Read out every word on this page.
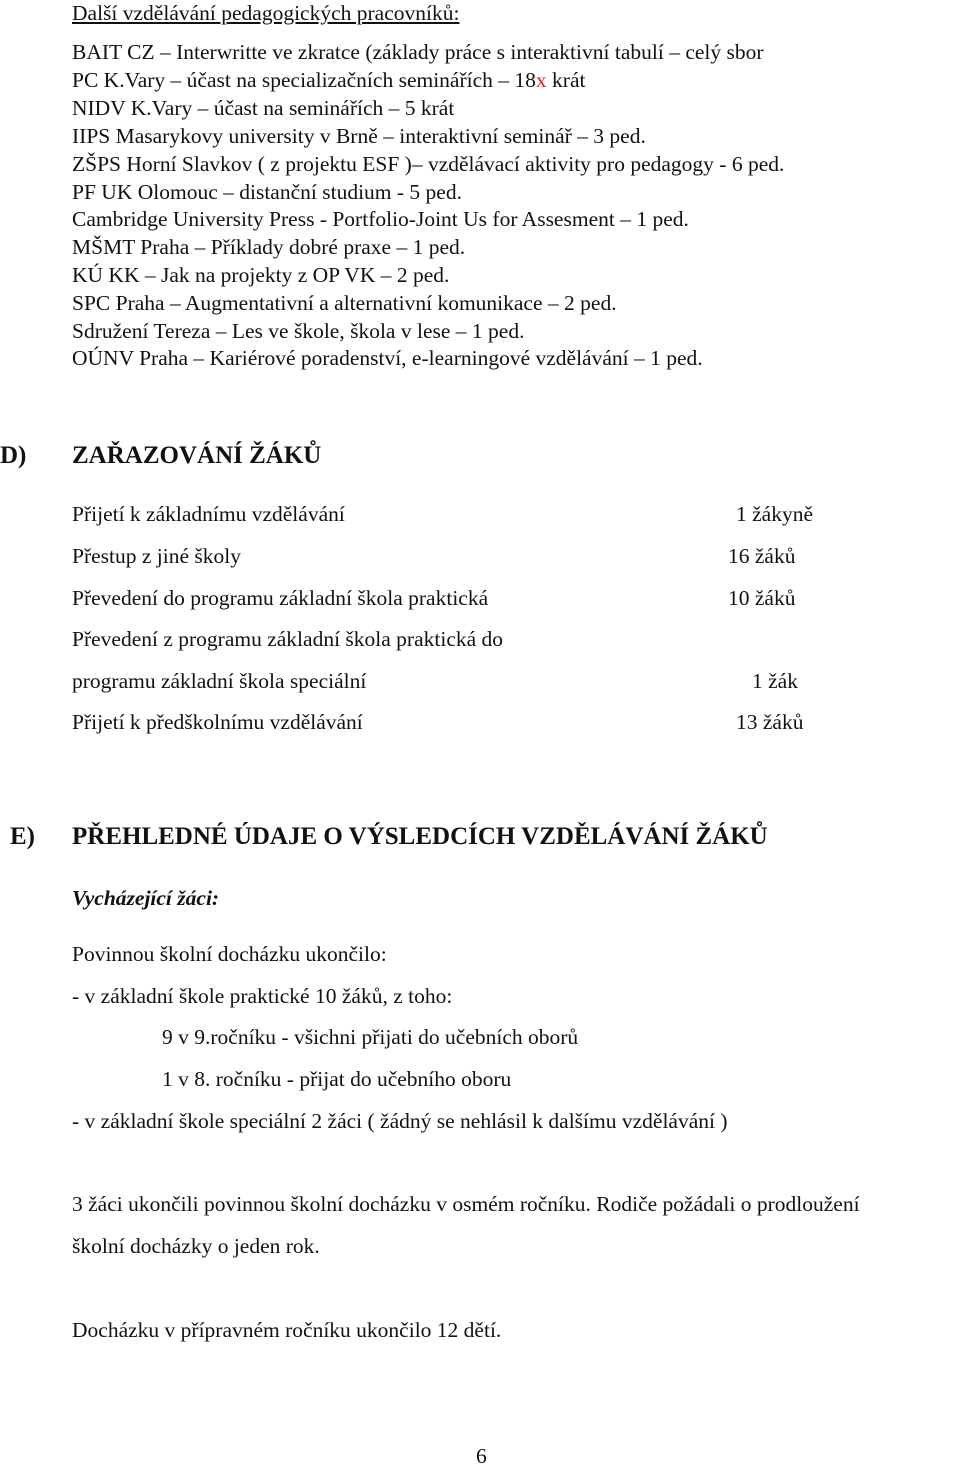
Další vzdělávání pedagogických pracovníků:
BAIT CZ – Interwritte ve zkratce (základy práce s interaktivní tabulí – celý sbor
PC K.Vary – účast na specializačních seminářích – 18x krát
NIDV K.Vary – účast na seminářích – 5 krát
IIPS Masarykovy university v Brně – interaktivní seminář – 3 ped.
ZŠPS Horní Slavkov ( z projektu ESF )– vzdělávací aktivity pro pedagogy - 6 ped.
PF UK Olomouc – distanční studium - 5 ped.
Cambridge University Press - Portfolio-Joint Us for Assesment – 1 ped.
MŠMT Praha – Příklady dobré praxe – 1 ped.
KÚ KK – Jak na projekty z OP VK – 2 ped.
SPC Praha – Augmentativní a alternativní komunikace – 2 ped.
Sdružení Tereza – Les ve škole, škola v lese – 1 ped.
OÚNV Praha – Kariérové poradenství, e-learningové vzdělávání – 1 ped.
D) ZAŘAZOVÁNÍ ŽÁKŮ
Přijetí k základnímu vzdělávání	1 žákyně
Přestup z jiné školy	16 žáků
Převedení do programu základní škola praktická	10 žáků
Převedení z programu základní škola praktická do
programu základní škola speciální	1 žák
Přijetí k předškolnímu vzdělávání	13 žáků
E) PŘEHLEDNÉ ÚDAJE O VÝSLEDCÍCH VZDĚLÁVÁNÍ ŽÁKŮ
Vycházející žáci:
Povinnou školní docházku ukončilo:
- v základní škole praktické 10 žáků, z toho:
9 v 9.ročníku - všichni přijati do učebních oborů
1 v 8. ročníku - přijat do učebního oboru
- v základní škole speciální 2 žáci ( žádný se nehlásil k dalšímu vzdělávání )
3 žáci ukončili povinnou školní docházku v osmém ročníku. Rodiče požádali o prodloužení
školní docházky o jeden rok.
Docházku v přípravném ročníku ukončilo 12 dětí.
6
